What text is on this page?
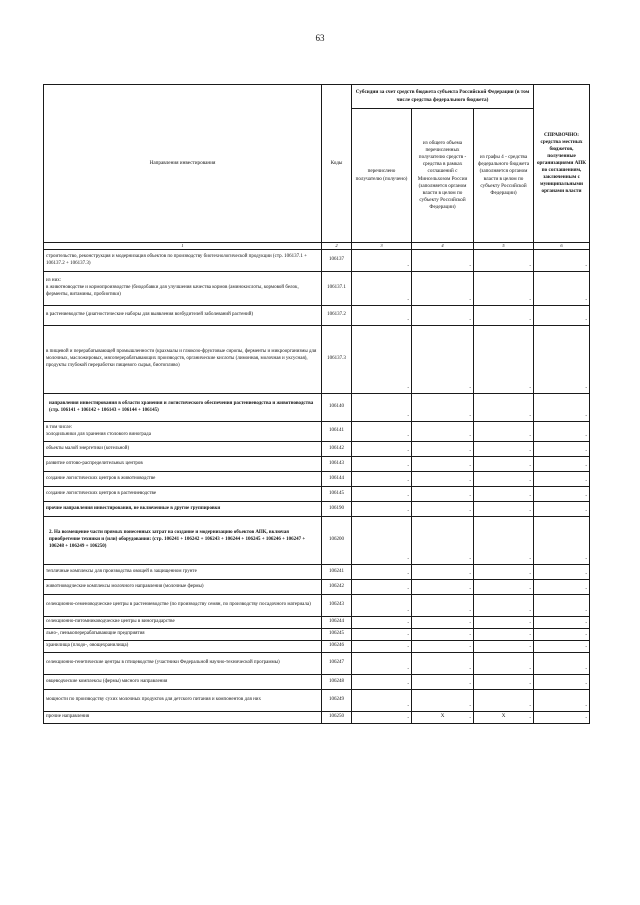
63
Направления инвестирования	Коды	Субсидии за счет средств бюджета субъекта Российской Федерации (в том числе средства федерального бюджета)			СПРАВОЧНО: средства местных бюджетов, полученные организациями АПК по соглашениям, заключенным с муниципальными органами власти
		перечислено получателю (получено)	из общего объема перечисленных получателю средств - средства в рамках соглашений с Минсельхозом России (заполняется органом власти в целом по субъекту Российской Федерации)	из графы 4 - средства федерального бюджета (заполняется органом власти в целом по субъекту Российской Федерации)	
1	2	3	4	5	6
строительство, реконструкция и модернизация объектов по производству биотехнологической продукции (стр. 106137.1 + 106137.2 + 106137.3)	106137	-	-	-	-

из них:
в животноводстве и кормопроизводстве (биодобавки для улучшения качества кормов (аминокислоты, кормовой белок, ферменты, витамины, пробиотики)	106137.1	-	-	-	-

в растениеводстве (диагностические наборы для выявления возбудителей заболеваний растений)	106137.2	-	-	-	-

в пищевой и перерабатывающей промышленности (крахмалы и глюкозо-фруктовые сиропы, ферменты и микроорганизмы для молочных, масложировых, мясоперерабатывающих производств, органические кислоты (лимонная, молочная и уксусная), продукты глубокой переработки пищевого сырья, биотопливо)	106137.3	-	-	-	-

направления инвестирования в области хранения и логистического обеспечения растениеводства и животноводства (стр. 106141 + 106142 + 106143 + 106144 + 106145)	106140	-	-	-	-

в том числе:
холодильники для хранения столового винограда	106141	-	-	-	-

объекты малой энергетики (котельной)	106142	-	-	-	-

развитие оптово-распределительных центров	106143	-	-	-	-

создание логистических центров в животноводстве	106144	-	-	-	-

создание логистических центров в растениеводстве	106145	-	-	-	-

прочие направления инвестирования, не включенные в другие группировки	106190	-	-	-	-

2. На возмещение части прямых понесенных затрат на создание и модернизацию объектов АПК, включая приобретение техники и (или) оборудования: (стр. 106241 + 106242 + 106243 + 106244 + 106245 + 106246 + 106247 + 106248 + 106249 + 106250)	106200	-	-	-	-

тепличные комплексы для производства овощей в защищенном грунте	106241	-	-	-	-

животноводческие комплексы молочного направления (молочные фермы)	106242	-	-	-	-

селекционно-семеноводческие центры в растениеводстве (по производству семян, по производству посадочного материала)	106243	-	-	-	-

селекционно-питомниководческие центры в виноградарстве	106244	-	-	-	-

льно-, пенькоперерабатывающие предприятия	106245	-	-	-	-

хранилища (плодо-, овощехранилища)	106246	-	-	-	-

селекционно-генетические центры в птицеводстве (участники Федеральной научно-технической программы)	106247	-	-	-	-

овцеводческие комплексы (фермы) мясного направления	106248	-	-	-	-

мощности по производству сухих молочных продуктов для детского питания и компонентов для них	106249	-	-	-	-

прочие направления	106250	-	X -	X -	-
